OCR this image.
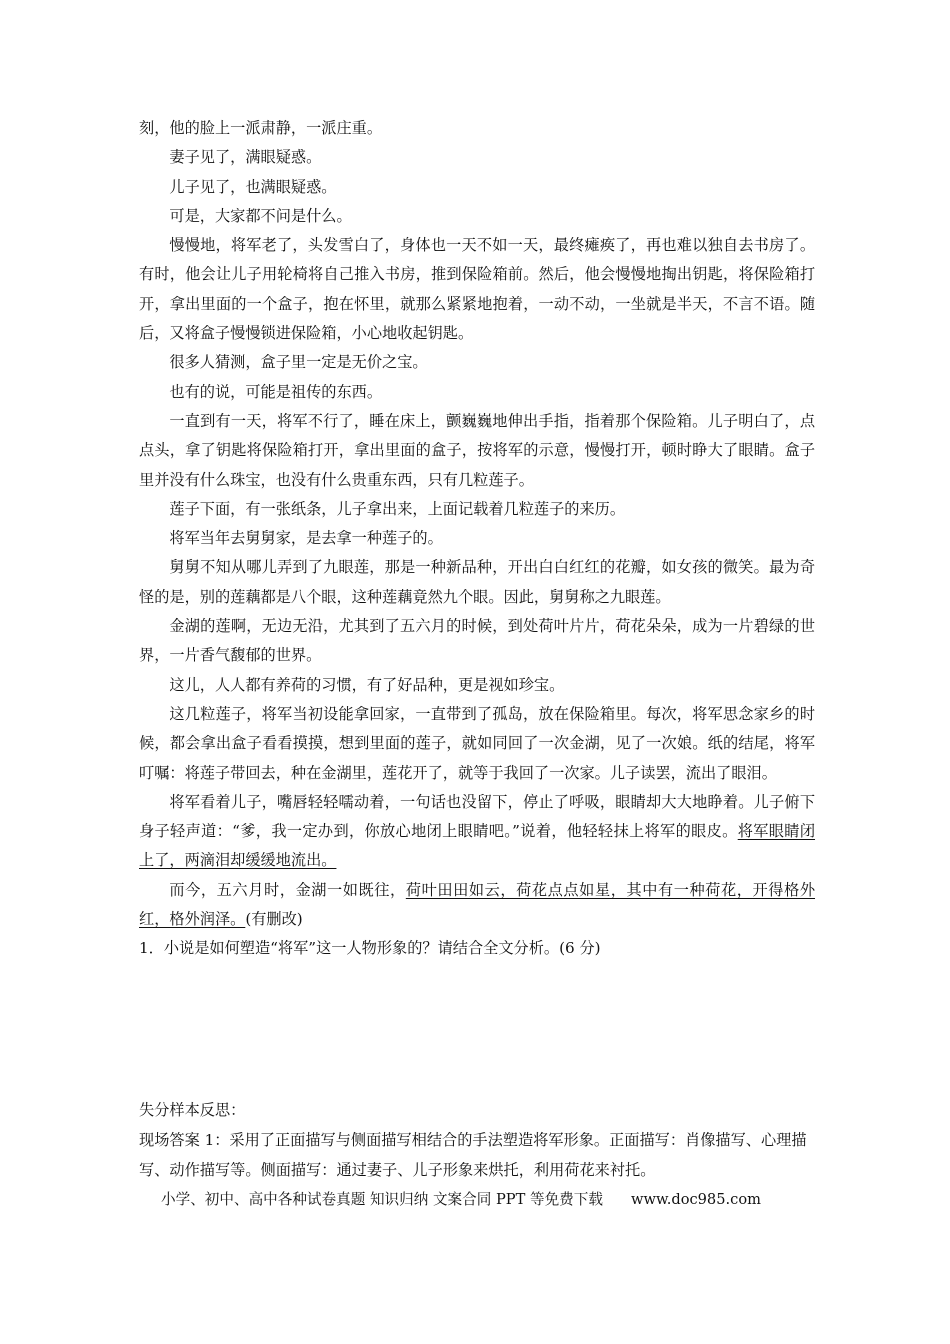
刻，他的脸上一派肃静，一派庄重。

妻子见了，满眼疑惑。

儿子见了，也满眼疑惑。

可是，大家都不问是什么。

慢慢地，将军老了，头发雪白了，身体也一天不如一天，最终瘫痪了，再也难以独自去书房了。有时，他会让儿子用轮椅将自己推入书房，推到保险箱前。然后，他会慢慢地掏出钥匙，将保险箱打开，拿出里面的一个盒子，抱在怀里，就那么紧紧地抱着，一动不动，一坐就是半天，不言不语。随后，又将盒子慢慢锁进保险箱，小心地收起钥匙。

很多人猜测，盒子里一定是无价之宝。

也有的说，可能是祖传的东西。

一直到有一天，将军不行了，睡在床上，颤巍巍地伸出手指，指着那个保险箱。儿子明白了，点点头，拿了钥匙将保险箱打开，拿出里面的盒子，按将军的示意，慢慢打开，顿时睁大了眼睛。盒子里并没有什么珠宝，也没有什么贵重东西，只有几粒莲子。

莲子下面，有一张纸条，儿子拿出来，上面记载着几粒莲子的来历。

将军当年去舅舅家，是去拿一种莲子的。

舅舅不知从哪儿弄到了九眼莲，那是一种新品种，开出白白红红的花瓣，如女孩的微笑。最为奇怪的是，别的莲藕都是八个眼，这种莲藕竟然九个眼。因此，舅舅称之九眼莲。

金湖的莲啊，无边无沿，尤其到了五六月的时候，到处荷叶片片，荷花朵朵，成为一片碧绿的世界，一片香气馥郁的世界。

这儿，人人都有养荷的习惯，有了好品种，更是视如珍宝。

这几粒莲子，将军当初设能拿回家，一直带到了孤岛，放在保险箱里。每次，将军思念家乡的时候，都会拿出盒子看看摸摸，想到里面的莲子，就如同回了一次金湖，见了一次娘。纸的结尾，将军叮嘱：将莲子带回去，种在金湖里，莲花开了，就等于我回了一次家。儿子读罢，流出了眼泪。

将军看着儿子，嘴唇轻轻嚅动着，一句话也没留下，停止了呼吸，眼睛却大大地睁着。儿子俯下身子轻声道：“爹，我一定办到，你放心地闭上眼睛吧。”说着，他轻轻抹上将军的眼皮。将军眼睛闭上了，两滴泪却缓缓地流出。

而今，五六月时，金湖一如既往，荷叶田田如云，荷花点点如星，其中有一种荷花，开得格外红，格外润泽。(有删改)

1．小说是如何塑造“将军”这一人物形象的？请结合全文分析。(6 分)

失分样本反思：

现场答案 1：采用了正面描写与侧面描写相结合的手法塑造将军形象。正面描写：肖像描写、心理描写、动作描写等。侧面描写：通过妻子、儿子形象来烘托，利用荷花来衬托。

小学、初中、高中各种试卷真题 知识归纳 文案合同 PPT 等免费下载 www.doc985.com
